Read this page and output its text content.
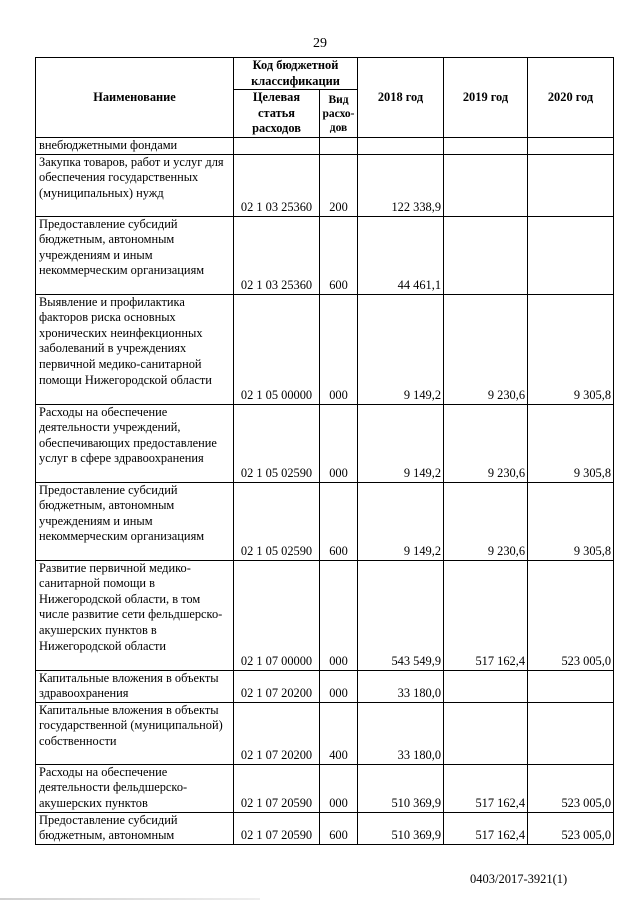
29
Наименование	Код бюджетной классификации		2018 год	2019 год	2020 год
	Целевая статья расходов	Вид расхо-дов			
внебюджетными фондами					
Закупка товаров, работ и услуг для обеспечения государственных (муниципальных) нужд	02 1 03 25360	200	122 338,9		
Предоставление субсидий бюджетным, автономным учреждениям и иным некоммерческим организациям	02 1 03 25360	600	44 461,1		
Выявление и профилактика факторов риска основных хронических неинфекционных заболеваний в учреждениях первичной медико-санитарной помощи Нижегородской области	02 1 05 00000	000	9 149,2	9 230,6	9 305,8
Расходы на обеспечение деятельности учреждений, обеспечивающих предоставление услуг в сфере здравоохранения	02 1 05 02590	000	9 149,2	9 230,6	9 305,8
Предоставление субсидий бюджетным, автономным учреждениям и иным некоммерческим организациям	02 1 05 02590	600	9 149,2	9 230,6	9 305,8
Развитие первичной медико-санитарной помощи в Нижегородской области, в том числе развитие сети фельдшерско-акушерских пунктов в Нижегородской области	02 1 07 00000	000	543 549,9	517 162,4	523 005,0
Капитальные вложения в объекты здравоохранения	02 1 07 20200	000	33 180,0		
Капитальные вложения в объекты государственной (муниципальной) собственности	02 1 07 20200	400	33 180,0		
Расходы на обеспечение деятельности фельдшерско-акушерских пунктов	02 1 07 20590	000	510 369,9	517 162,4	523 005,0
Предоставление субсидий бюджетным, автономным	02 1 07 20590	600	510 369,9	517 162,4	523 005,0
0403/2017-3921(1)
